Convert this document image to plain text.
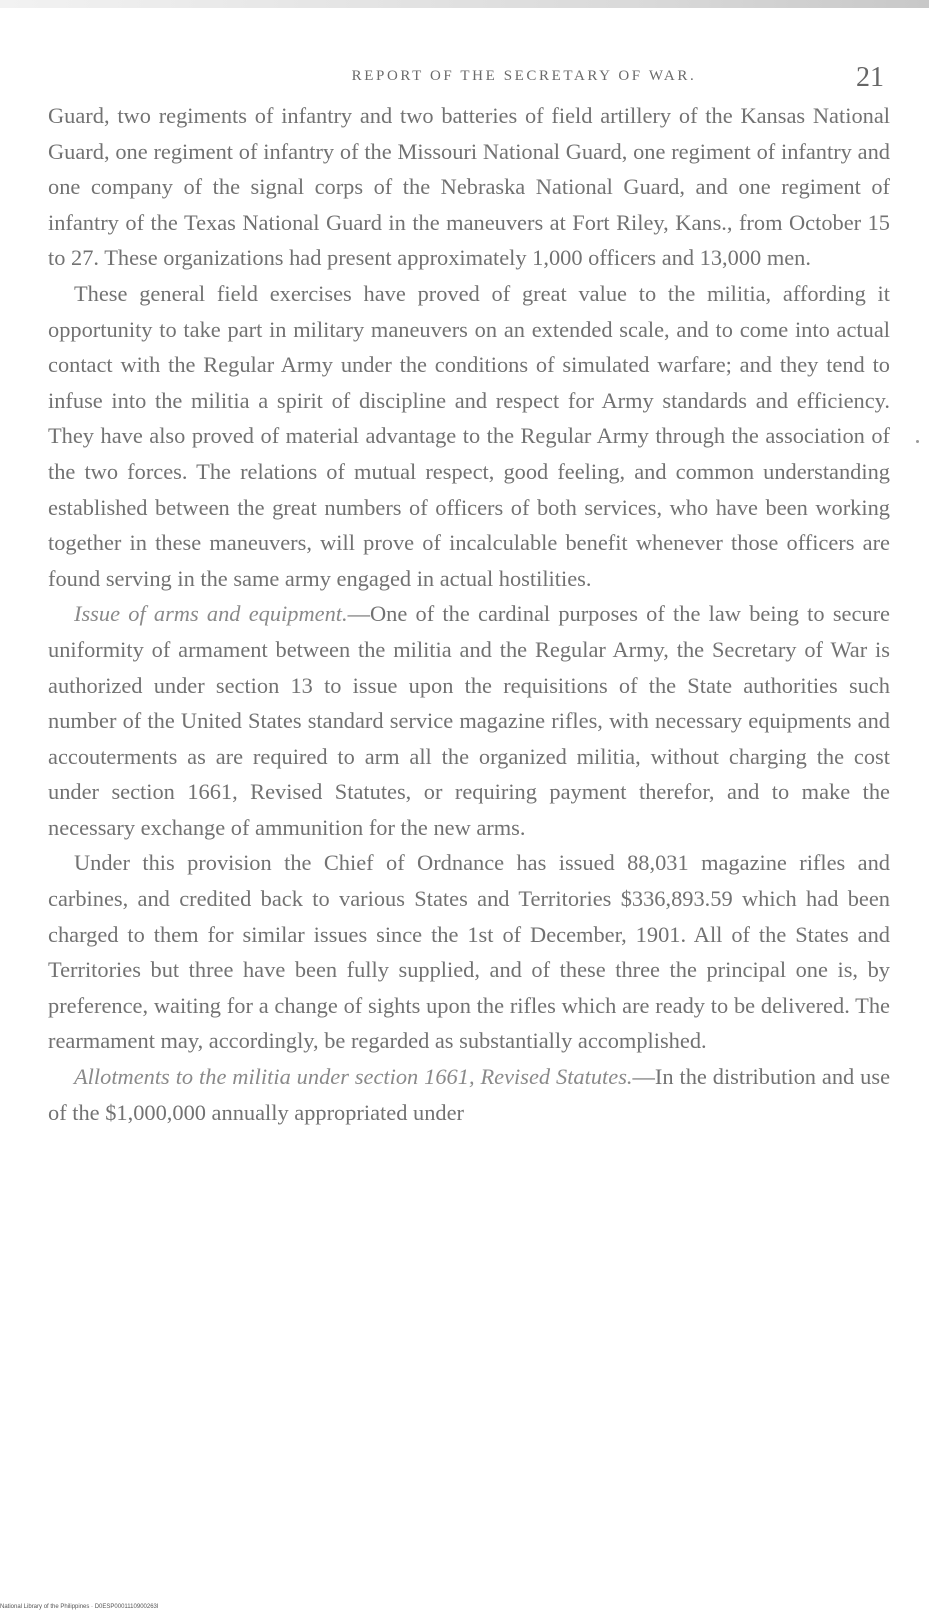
REPORT OF THE SECRETARY OF WAR.	21

Guard, two regiments of infantry and two batteries of field artillery of the Kansas National Guard, one regiment of infantry of the Missouri National Guard, one regiment of infantry and one company of the signal corps of the Nebraska National Guard, and one regiment of infantry of the Texas National Guard in the maneuvers at Fort Riley, Kans., from October 15 to 27. These organizations had present approximately 1,000 officers and 13,000 men.

These general field exercises have proved of great value to the militia, affording it opportunity to take part in military maneuvers on an extended scale, and to come into actual contact with the Regular Army under the conditions of simulated warfare; and they tend to infuse into the militia a spirit of discipline and respect for Army standards and efficiency. They have also proved of material advantage to the Regular Army through the association of the two forces. The relations of mutual respect, good feeling, and common understanding established between the great numbers of officers of both services, who have been working together in these maneuvers, will prove of incalculable benefit whenever those officers are found serving in the same army engaged in actual hostilities.

Issue of arms and equipment.—One of the cardinal purposes of the law being to secure uniformity of armament between the militia and the Regular Army, the Secretary of War is authorized under section 13 to issue upon the requisitions of the State authorities such number of the United States standard service magazine rifles, with necessary equipments and accouterments as are required to arm all the organized militia, without charging the cost under section 1661, Revised Statutes, or requiring payment therefor, and to make the necessary exchange of ammunition for the new arms.

Under this provision the Chief of Ordnance has issued 88,031 magazine rifles and carbines, and credited back to various States and Territories $336,893.59 which had been charged to them for similar issues since the 1st of December, 1901. All of the States and Territories but three have been fully supplied, and of these three the principal one is, by preference, waiting for a change of sights upon the rifles which are ready to be delivered. The rearmament may, accordingly, be regarded as substantially accomplished.

Allotments to the militia under section 1661, Revised Statutes.—In the distribution and use of the $1,000,000 annually appropriated under

National Library of the Philippines · D0ESP0001110900263I
